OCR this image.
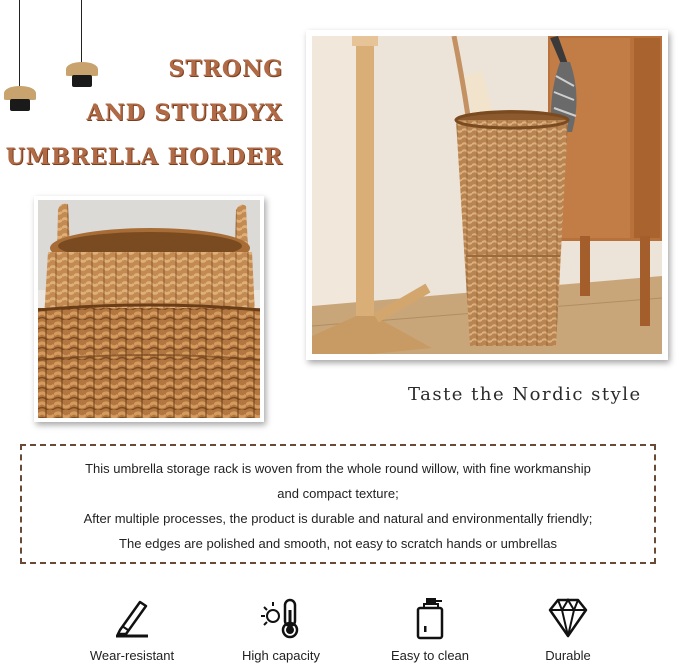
STRONG
AND STURDYX
UMBRELLA HOLDER
Taste the Nordic style
This umbrella storage rack is woven from the whole round willow, with fine workmanship
and compact texture;
After multiple processes, the product is durable and natural and environmentally friendly;
The edges are polished and smooth, not easy to scratch hands or umbrellas
Wear-resistant	High capacity	Easy to clean	Durable
